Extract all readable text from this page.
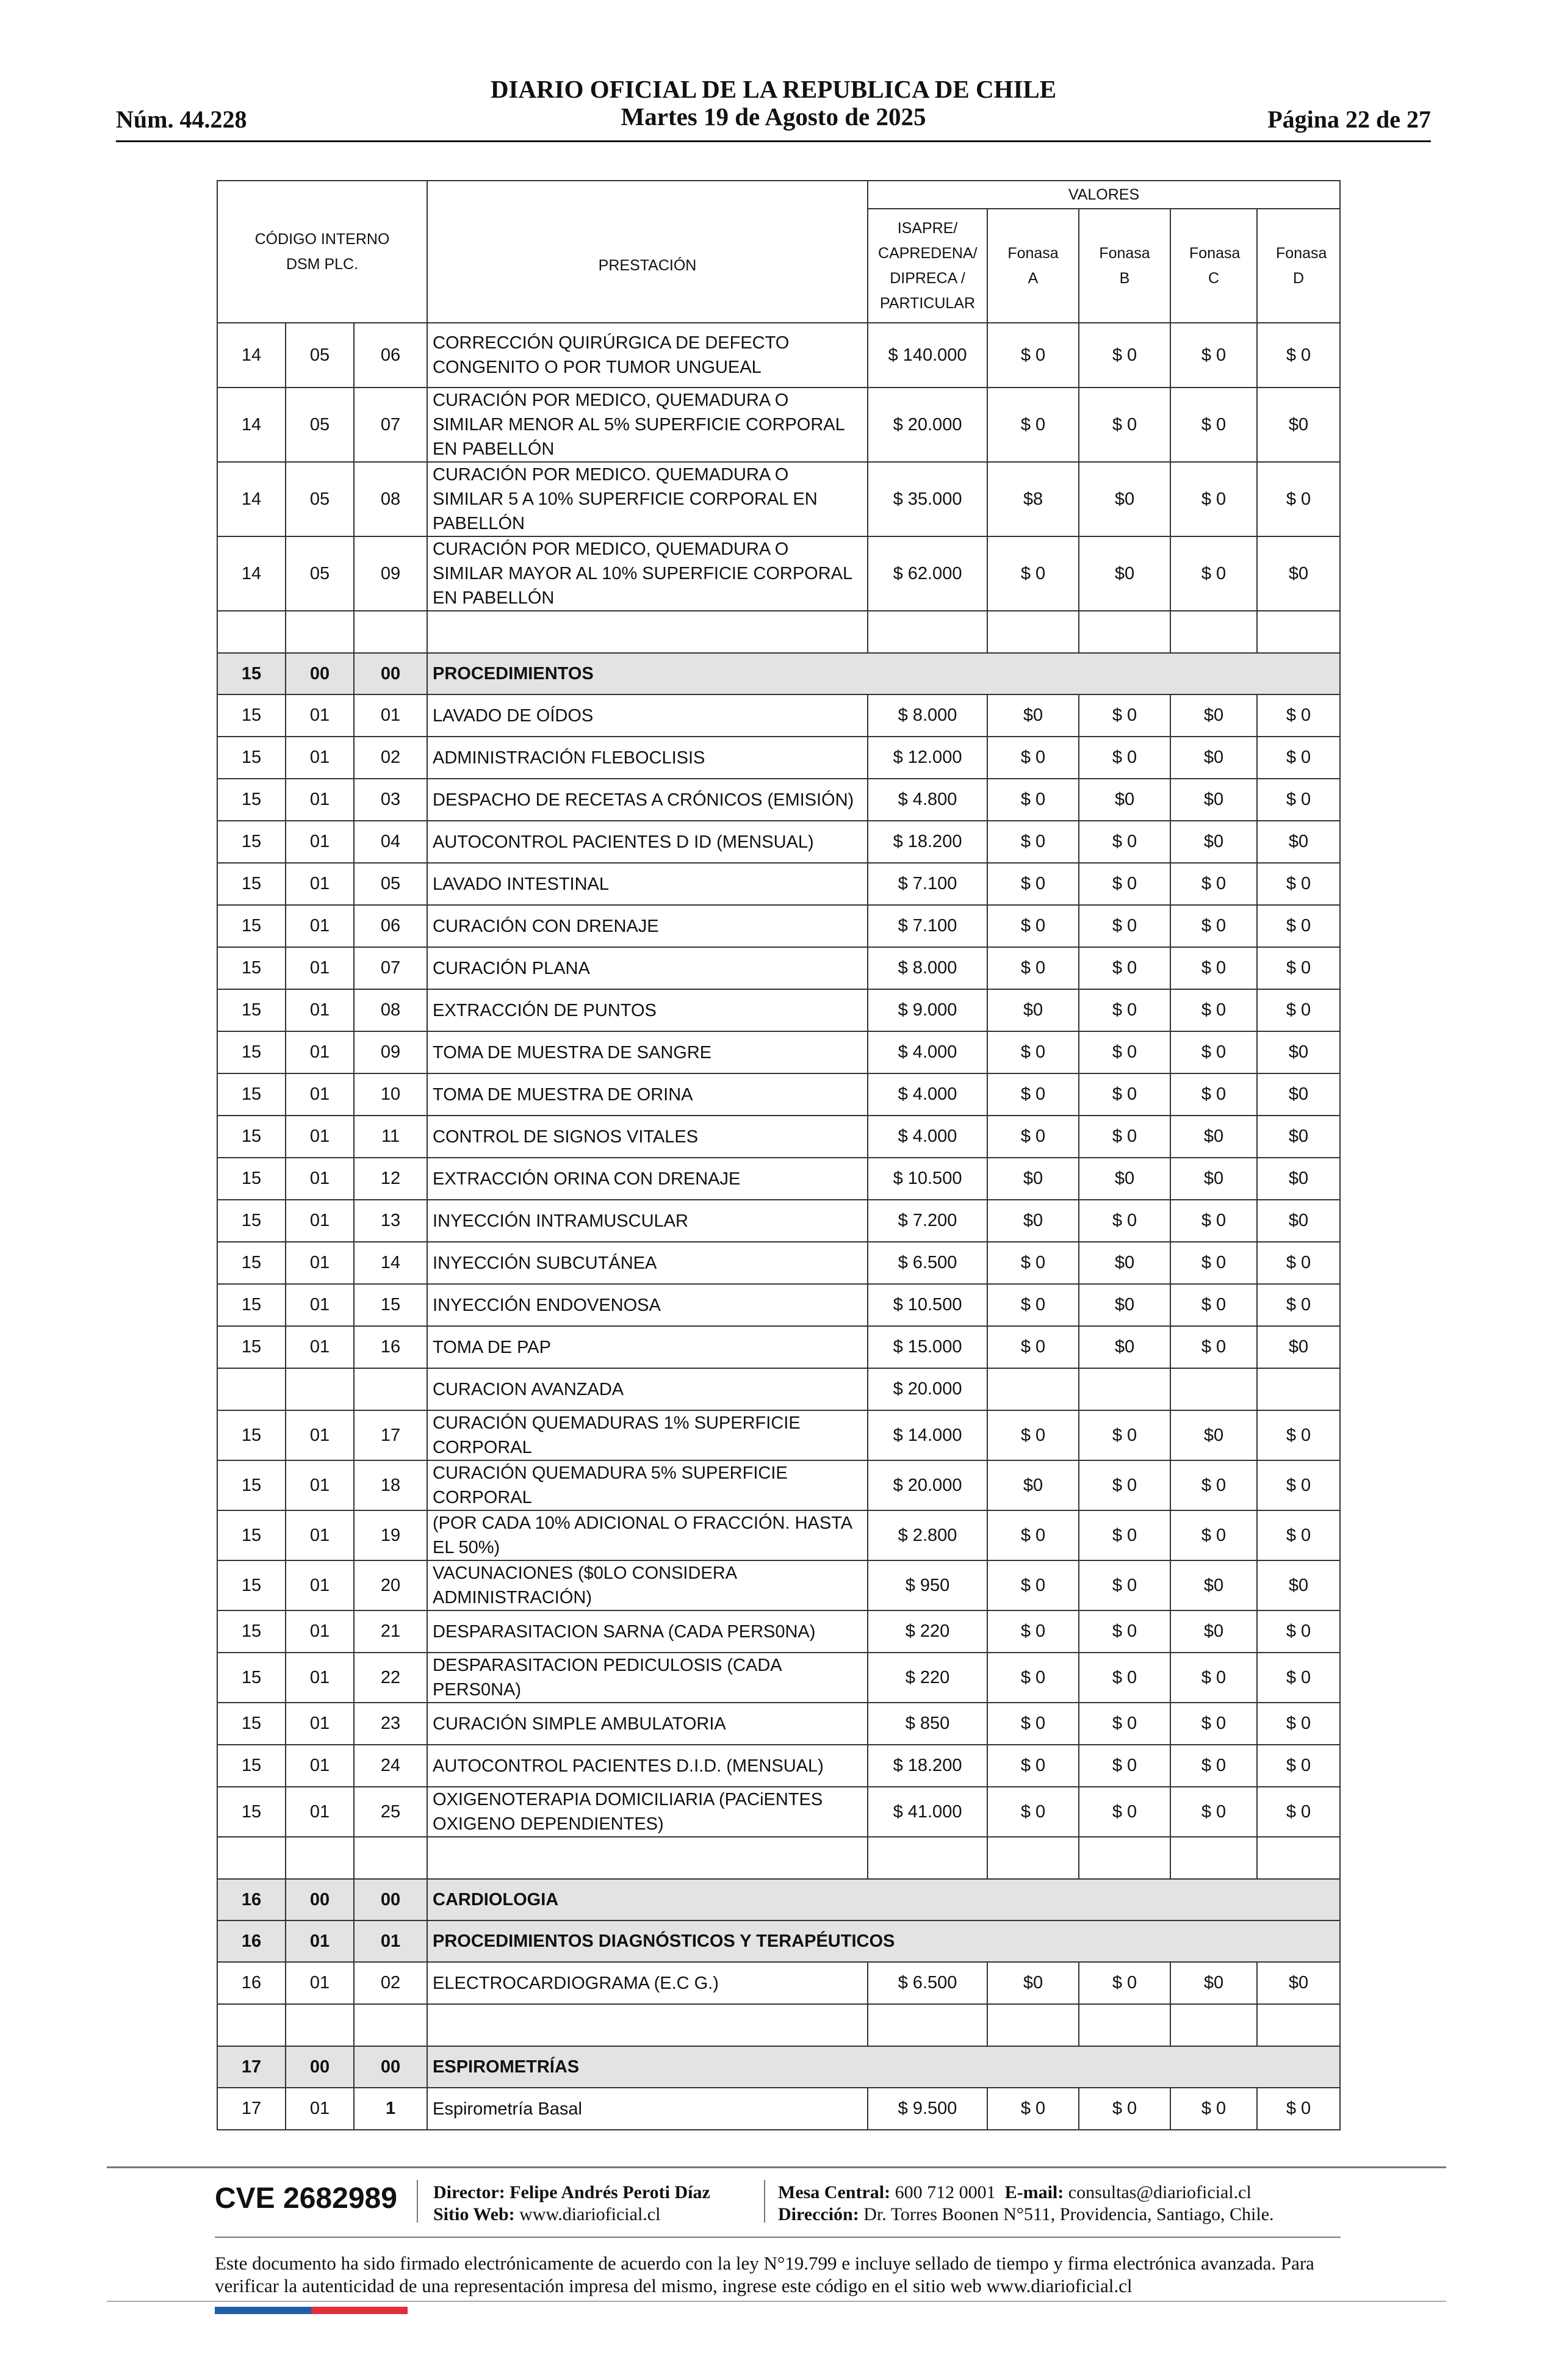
Núm. 44.228
DIARIO OFICIAL DE LA REPUBLICA DE CHILE
Martes 19 de Agosto de 2025	Página 22 de 27
CÓDIGO INTERNO DSM PLC.				VALORES				
			PRESTACIÓN	ISAPRE/ CAPREDENA/ DIPRECA / PARTICULAR	Fonasa A	Fonasa B	Fonasa C	Fonasa D
14	05	06	CORRECCIÓN QUIRÚRGICA DE DEFECTO CONGENITO O POR TUMOR UNGUEAL	$ 140.000	$ 0	$ 0	$ 0	$ 0
14	05	07	CURACIÓN POR MEDICO, QUEMADURA O SIMILAR MENOR AL 5% SUPERFICIE CORPORAL EN PABELLÓN	$ 20.000	$ 0	$ 0	$ 0	$0
14	05	08	CURACIÓN POR MEDICO. QUEMADURA O SIMILAR 5 A 10% SUPERFICIE CORPORAL EN PABELLÓN	$ 35.000	$8	$0	$ 0	$ 0
14	05	09	CURACIÓN POR MEDICO, QUEMADURA O SIMILAR MAYOR AL 10% SUPERFICIE CORPORAL EN PABELLÓN	$ 62.000	$ 0	$0	$ 0	$0

15	00	00	PROCEDIMIENTOS					
15	01	01	LAVADO DE OÍDOS	$ 8.000	$0	$ 0	$0	$ 0
15	01	02	ADMINISTRACIÓN FLEBOCLISIS	$ 12.000	$ 0	$ 0	$0	$ 0
15	01	03	DESPACHO DE RECETAS A CRÓNICOS (EMISIÓN)	$ 4.800	$ 0	$0	$0	$ 0
15	01	04	AUTOCONTROL PACIENTES D ID (MENSUAL)	$ 18.200	$ 0	$ 0	$0	$0
15	01	05	LAVADO INTESTINAL	$ 7.100	$ 0	$ 0	$ 0	$ 0
15	01	06	CURACIÓN CON DRENAJE	$ 7.100	$ 0	$ 0	$ 0	$ 0
15	01	07	CURACIÓN PLANA	$ 8.000	$ 0	$ 0	$ 0	$ 0
15	01	08	EXTRACCIÓN DE PUNTOS	$ 9.000	$0	$ 0	$ 0	$ 0
15	01	09	TOMA DE MUESTRA DE SANGRE	$ 4.000	$ 0	$ 0	$ 0	$0
15	01	10	TOMA DE MUESTRA DE ORINA	$ 4.000	$ 0	$ 0	$ 0	$0
15	01	11	CONTROL DE SIGNOS VITALES	$ 4.000	$ 0	$ 0	$0	$0
15	01	12	EXTRACCIÓN ORINA CON DRENAJE	$ 10.500	$0	$0	$0	$0
15	01	13	INYECCIÓN INTRAMUSCULAR	$ 7.200	$0	$ 0	$ 0	$0
15	01	14	INYECCIÓN SUBCUTÁNEA	$ 6.500	$ 0	$0	$ 0	$ 0
15	01	15	INYECCIÓN ENDOVENOSA	$ 10.500	$ 0	$0	$ 0	$ 0
15	01	16	TOMA DE PAP	$ 15.000	$ 0	$0	$ 0	$0
			CURACION AVANZADA	$ 20.000				
15	01	17	CURACIÓN QUEMADURAS 1% SUPERFICIE CORPORAL	$ 14.000	$ 0	$ 0	$0	$ 0
15	01	18	CURACIÓN QUEMADURA 5% SUPERFICIE CORPORAL	$ 20.000	$0	$ 0	$ 0	$ 0
15	01	19	(POR CADA 10% ADICIONAL O FRACCIÓN. HASTA EL 50%)	$ 2.800	$ 0	$ 0	$ 0	$ 0
15	01	20	VACUNACIONES ($0LO CONSIDERA ADMINISTRACIÓN)	$ 950	$ 0	$ 0	$0	$0
15	01	21	DESPARASITACION SARNA (CADA PERS0NA)	$ 220	$ 0	$ 0	$0	$ 0
15	01	22	DESPARASITACION PEDICULOSIS (CADA PERS0NA)	$ 220	$ 0	$ 0	$ 0	$ 0
15	01	23	CURACIÓN SIMPLE AMBULATORIA	$ 850	$ 0	$ 0	$ 0	$ 0
15	01	24	AUTOCONTROL PACIENTES D.I.D. (MENSUAL)	$ 18.200	$ 0	$ 0	$ 0	$ 0
15	01	25	OXIGENOTERAPIA DOMICILIARIA (PACiENTES OXIGENO DEPENDIENTES)	$ 41.000	$ 0	$ 0	$ 0	$ 0

16	00	00	CARDIOLOGIA					
16	01	01	PROCEDIMIENTOS DIAGNÓSTICOS Y TERAPÉUTICOS					
16	01	02	ELECTROCARDIOGRAMA (E.C G.)	$ 6.500	$0	$ 0	$0	$0

17	00	00	ESPIROMETRÍAS					
17	01	1	Espirometría Basal	$ 9.500	$ 0	$ 0	$ 0	$ 0
CVE 2682989 Director: Felipe Andrés Peroti Díaz
Sitio Web: www.diarioficial.cl
Mesa Central: 600 712 0001 E-mail: consultas@diarioficial.cl
Dirección: Dr. Torres Boonen N°511, Providencia, Santiago, Chile.
Este documento ha sido firmado electrónicamente de acuerdo con la ley N°19.799 e incluye sellado de tiempo y firma electrónica avanzada. Para verificar la autenticidad de una representación impresa del mismo, ingrese este código en el sitio web www.diarioficial.cl
